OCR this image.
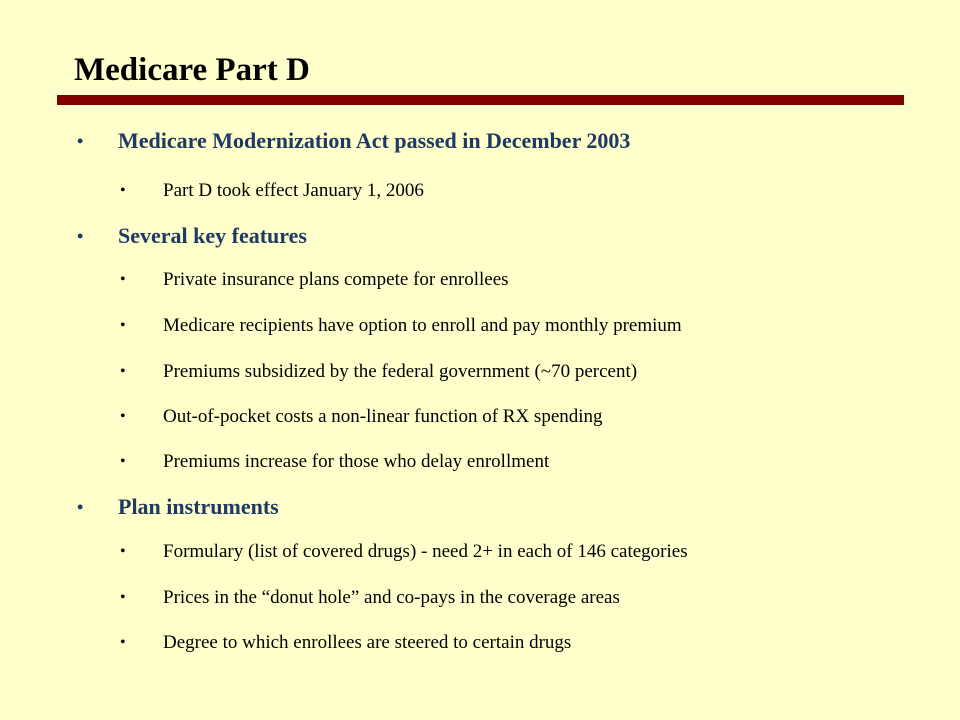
Medicare Part D
• Medicare Modernization Act passed in December 2003
• Part D took effect January 1, 2006
• Several key features
• Private insurance plans compete for enrollees
• Medicare recipients have option to enroll and pay monthly premium
• Premiums subsidized by the federal government (~70 percent)
• Out-of-pocket costs a non-linear function of RX spending
• Premiums increase for those who delay enrollment
• Plan instruments
• Formulary (list of covered drugs) - need 2+ in each of 146 categories
• Prices in the “donut hole” and co-pays in the coverage areas
• Degree to which enrollees are steered to certain drugs
